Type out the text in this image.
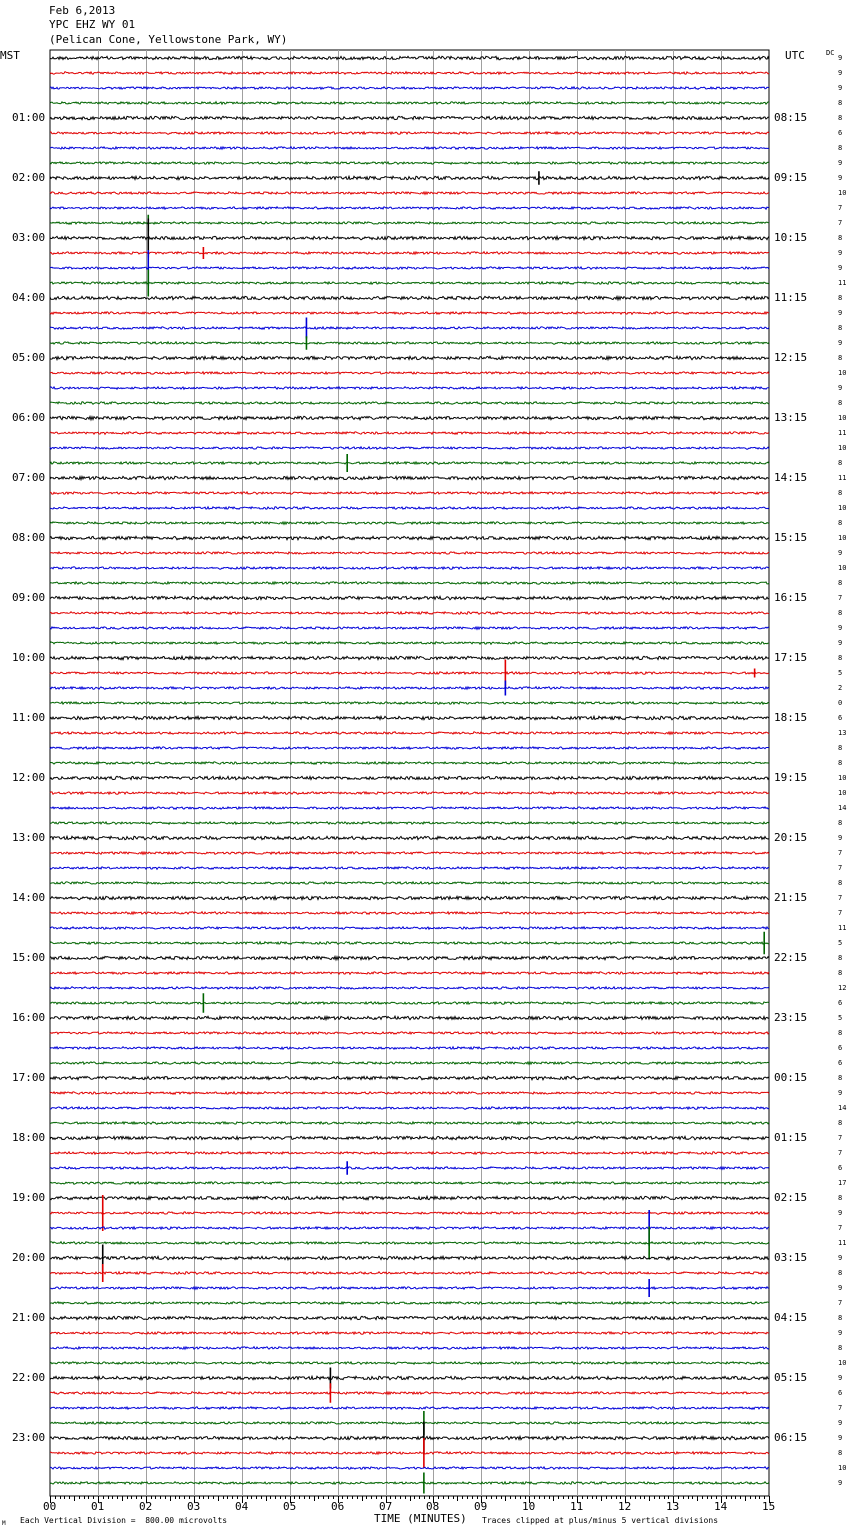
Feb 6,2013
YPC EHZ WY 01
(Pelican Cone, Yellowstone Park, WY)
MST	UTC	DC
01:00
02:00
03:00
04:00
05:00
06:00
07:00
08:00
09:00
10:00
11:00
12:00
13:00
14:00
15:00
16:00
17:00
18:00
19:00
20:00
21:00
22:00
23:00
08:15
09:15
10:15
11:15
12:15
13:15
14:15
15:15
16:15
17:15
18:15
19:15
20:15
21:15
22:15
23:15
00:15
01:15
02:15
03:15
04:15
05:15
06:15
9
9
9
8
8
6
8
9
9
10
7
7
8
9
9
11
8
9
8
9
8
10
9
8
10
11
10
8
11
8
10
8
10
9
10
8
7
8
9
9
8
5
2
0
6
13
8
8
10
10
14
8
9
7
7
8
7
7
11
5
8
8
12
6
5
8
6
6
8
9
14
8
7
7
6
17
8
9
7
11
9
8
9
7
8
9
8
10
9
6
7
9
9
8
10
9
00	01	02	03	04	05	06	07	08	09	10	11	12	13	14	15
M Each Vertical Division =  800.00 microvolts	TIME (MINUTES) Traces clipped at plus/minus 5 vertical divisions
